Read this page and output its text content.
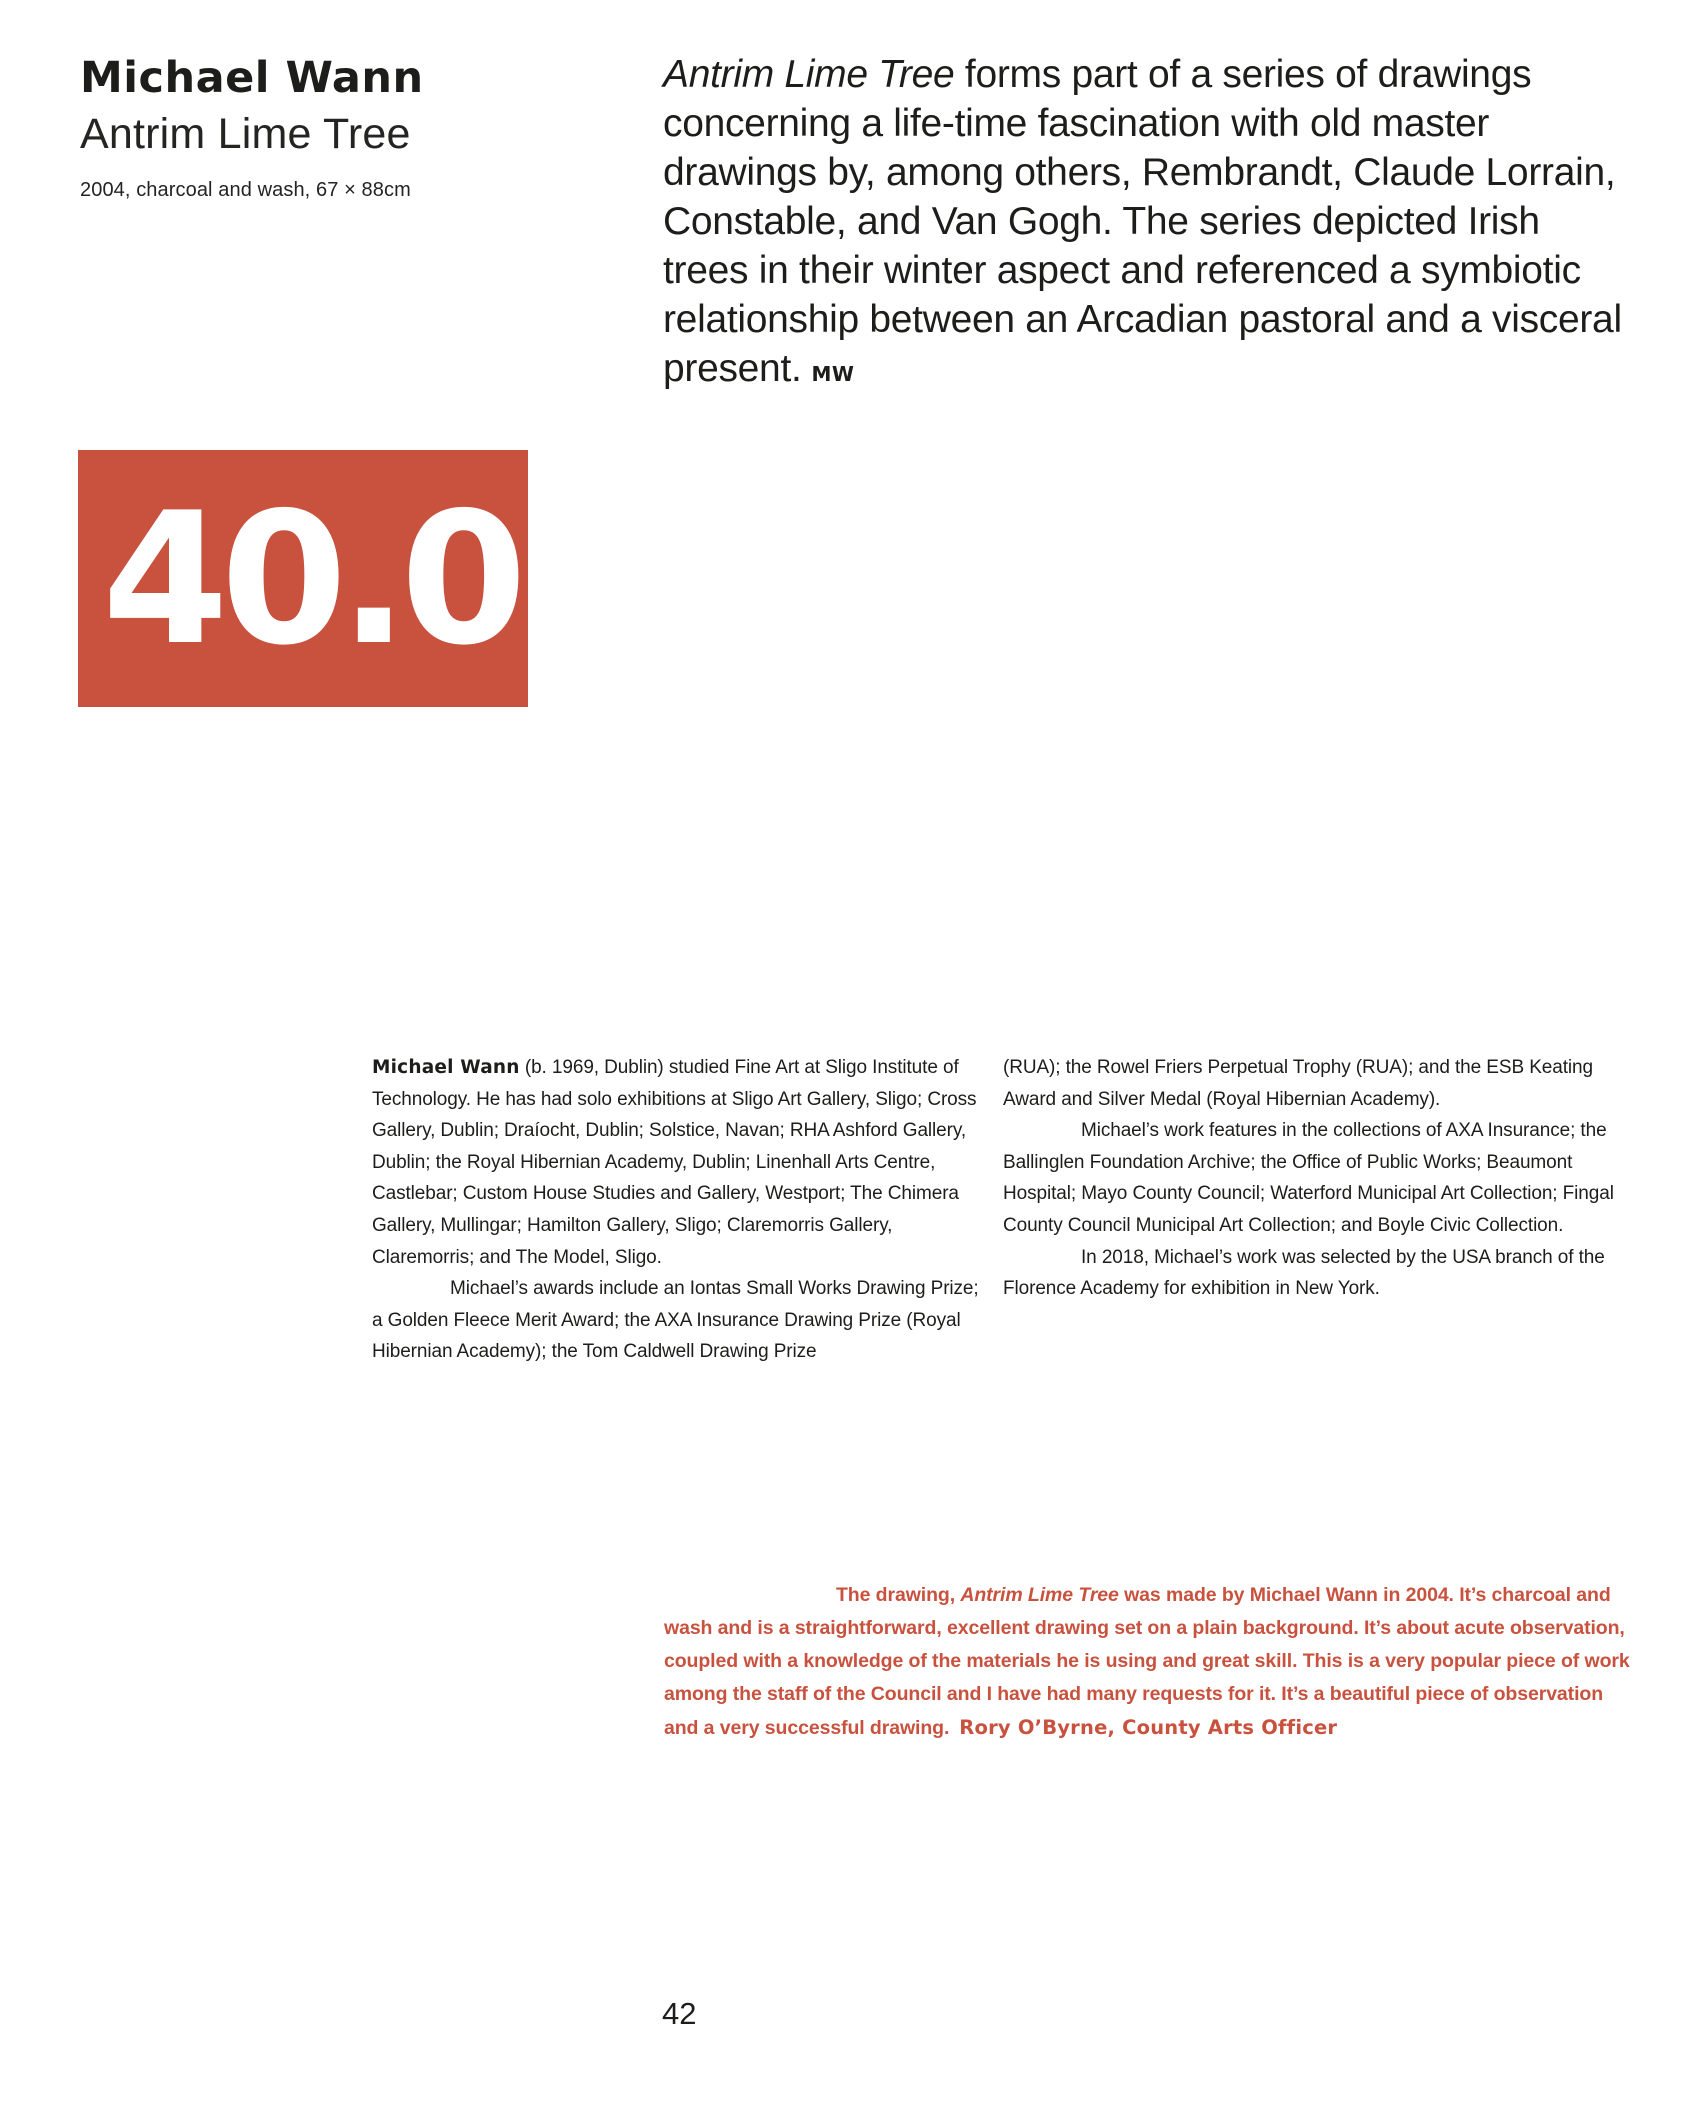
Michael Wann
Antrim Lime Tree
2004, charcoal and wash, 67 × 88cm
Antrim Lime Tree forms part of a series of drawings concerning a life-time fascination with old master drawings by, among others, Rembrandt, Claude Lorrain, Constable, and Van Gogh. The series depicted Irish trees in their winter aspect and referenced a symbiotic relationship between an Arcadian pastoral and a visceral present. MW
40.0

Michael Wann (b. 1969, Dublin) studied Fine Art at Sligo Institute of Technology. He has had solo exhibitions at Sligo Art Gallery, Sligo; Cross Gallery, Dublin; Draíocht, Dublin; Solstice, Navan; RHA Ashford Gallery, Dublin; the Royal Hibernian Academy, Dublin; Linenhall Arts Centre, Castlebar; Custom House Studies and Gallery, Westport; The Chimera Gallery, Mullingar; Hamilton Gallery, Sligo; Claremorris Gallery, Claremorris; and The Model, Sligo.

Michael’s awards include an Iontas Small Works Drawing Prize; a Golden Fleece Merit Award; the AXA Insurance Drawing Prize (Royal Hibernian Academy); the Tom Caldwell Drawing Prize

(RUA); the Rowel Friers Perpetual Trophy (RUA); and the ESB Keating Award and Silver Medal (Royal Hibernian Academy).

Michael’s work features in the collections of AXA Insurance; the Ballinglen Foundation Archive; the Office of Public Works; Beaumont Hospital; Mayo County Council; Waterford Municipal Art Collection; Fingal County Council Municipal Art Collection; and Boyle Civic Collection.

In 2018, Michael’s work was selected by the USA branch of the Florence Academy for exhibition in New York.

The drawing, Antrim Lime Tree was made by Michael Wann in 2004. It’s charcoal and wash and is a straightforward, excellent drawing set on a plain background. It’s about acute observation, coupled with a knowledge of the materials he is using and great skill. This is a very popular piece of work among the staff of the Council and I have had many requests for it. It’s a beautiful piece of observation and a very successful drawing. Rory O’Byrne, County Arts Officer
42
